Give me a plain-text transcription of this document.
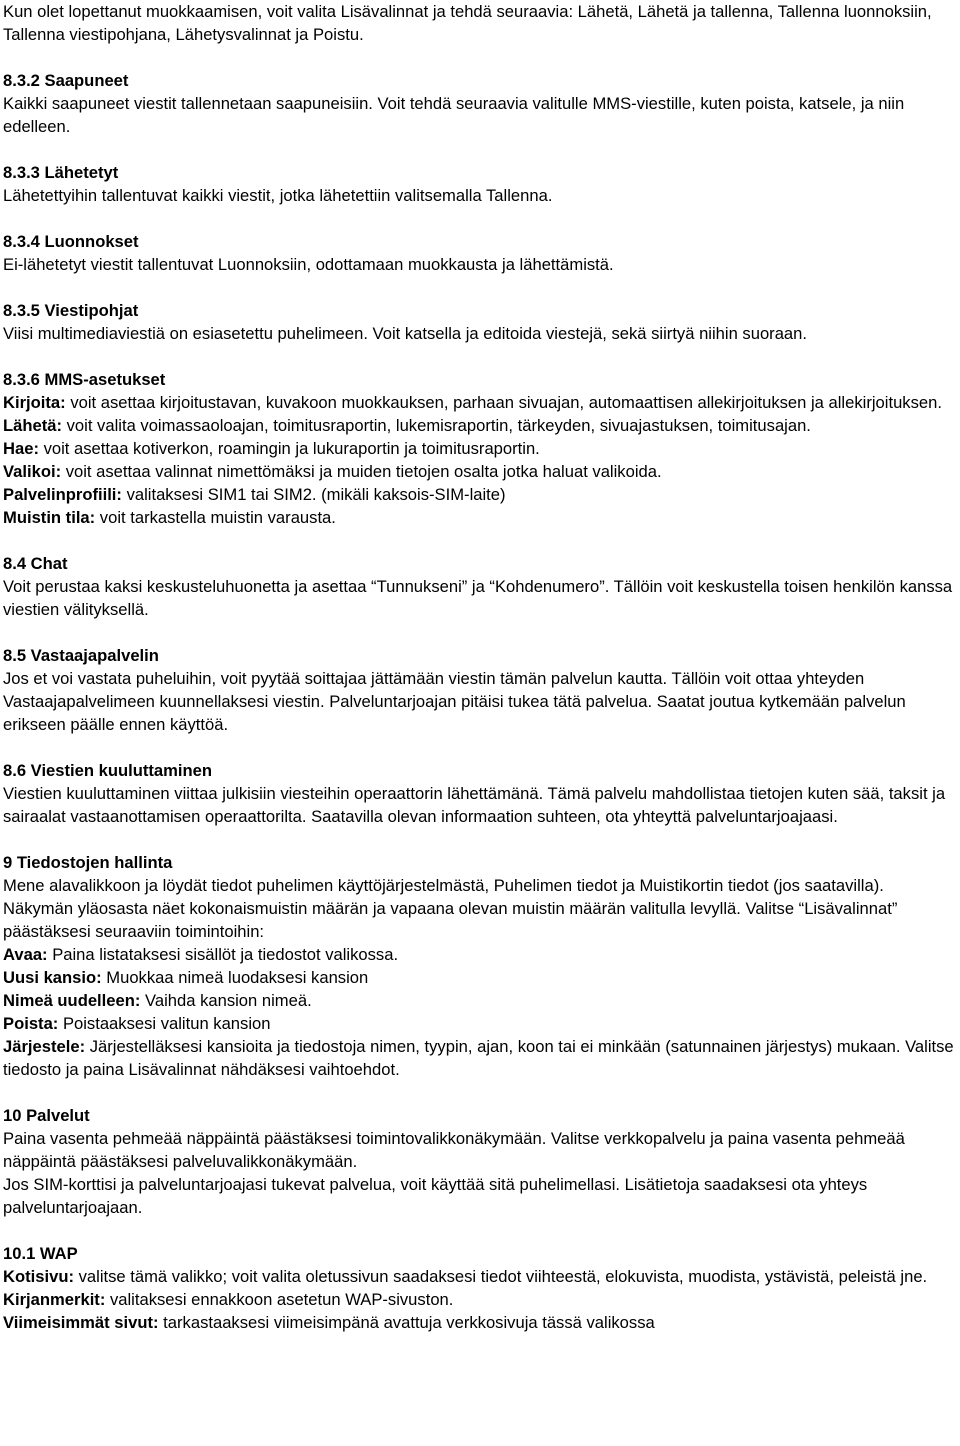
Kun olet lopettanut muokkaamisen, voit valita Lisävalinnat ja tehdä seuraavia: Lähetä, Lähetä ja tallenna, Tallenna luonnoksiin, Tallenna viestipohjana, Lähetysvalinnat ja Poistu.

8.3.2 Saapuneet

Kaikki saapuneet viestit tallennetaan saapuneisiin. Voit tehdä seuraavia valitulle MMS-viestille, kuten poista, katsele, ja niin edelleen.

8.3.3 Lähetetyt

Lähetettyihin tallentuvat kaikki viestit, jotka lähetettiin valitsemalla Tallenna.

8.3.4 Luonnokset

Ei-lähetetyt viestit tallentuvat Luonnoksiin, odottamaan muokkausta ja lähettämistä.

8.3.5 Viestipohjat

Viisi multimediaviestiä on esiasetettu puhelimeen. Voit katsella ja editoida viestejä, sekä siirtyä niihin suoraan.

8.3.6 MMS-asetukset

Kirjoita: voit asettaa kirjoitustavan, kuvakoon muokkauksen, parhaan sivuajan, automaattisen allekirjoituksen ja allekirjoituksen.

Lähetä: voit valita voimassaoloajan, toimitusraportin, lukemisraportin, tärkeyden, sivuajastuksen, toimitusajan.

Hae: voit asettaa kotiverkon, roamingin ja lukuraportin ja toimitusraportin.

Valikoi: voit asettaa valinnat nimettömäksi ja muiden tietojen osalta jotka haluat valikoida.

Palvelinprofiili: valitaksesi SIM1 tai SIM2. (mikäli kaksois-SIM-laite)

Muistin tila: voit tarkastella muistin varausta.

8.4 Chat

Voit perustaa kaksi keskusteluhuonetta ja asettaa “Tunnukseni” ja “Kohdenumero”. Tällöin voit keskustella toisen henkilön kanssa viestien välityksellä.

8.5 Vastaajapalvelin

Jos et voi vastata puheluihin, voit pyytää soittajaa jättämään viestin tämän palvelun kautta. Tällöin voit ottaa yhteyden Vastaajapalvelimeen kuunnellaksesi viestin. Palveluntarjoajan pitäisi tukea tätä palvelua. Saatat joutua kytkemään palvelun erikseen päälle ennen käyttöä.

8.6 Viestien kuuluttaminen

Viestien kuuluttaminen viittaa julkisiin viesteihin operaattorin lähettämänä. Tämä palvelu mahdollistaa tietojen kuten sää, taksit ja sairaalat vastaanottamisen operaattorilta. Saatavilla olevan informaation suhteen, ota yhteyttä palveluntarjoajaasi.

9 Tiedostojen hallinta

Mene alavalikkoon ja löydät tiedot puhelimen käyttöjärjestelmästä, Puhelimen tiedot ja Muistikortin tiedot (jos saatavilla). Näkymän yläosasta näet kokonaismuistin määrän ja vapaana olevan muistin määrän valitulla levyllä. Valitse “Lisävalinnat” päästäksesi seuraaviin toimintoihin:

Avaa: Paina listataksesi sisällöt ja tiedostot valikossa.

Uusi kansio: Muokkaa nimeä luodaksesi kansion

Nimeä uudelleen: Vaihda kansion nimeä.

Poista: Poistaaksesi valitun kansion

Järjestele: Järjestelläksesi kansioita ja tiedostoja nimen, tyypin, ajan, koon tai ei minkään (satunnainen järjestys) mukaan. Valitse tiedosto ja paina Lisävalinnat nähdäksesi vaihtoehdot.

10 Palvelut

Paina vasenta pehmeää näppäintä päästäksesi toimintovalikkonäkymään. Valitse verkkopalvelu ja paina vasenta pehmeää näppäintä päästäksesi palveluvalikkonäkymään.

Jos SIM-korttisi ja palveluntarjoajasi tukevat palvelua, voit käyttää sitä puhelimellasi. Lisätietoja saadaksesi ota yhteys palveluntarjoajaan.

10.1 WAP

Kotisivu: valitse tämä valikko; voit valita oletussivun saadaksesi tiedot viihteestä, elokuvista, muodista, ystävistä, peleistä jne.

Kirjanmerkit: valitaksesi ennakkoon asetetun WAP-sivuston.

Viimeisimmät sivut: tarkastaaksesi viimeisimpänä avattuja verkkosivuja tässä valikossa
